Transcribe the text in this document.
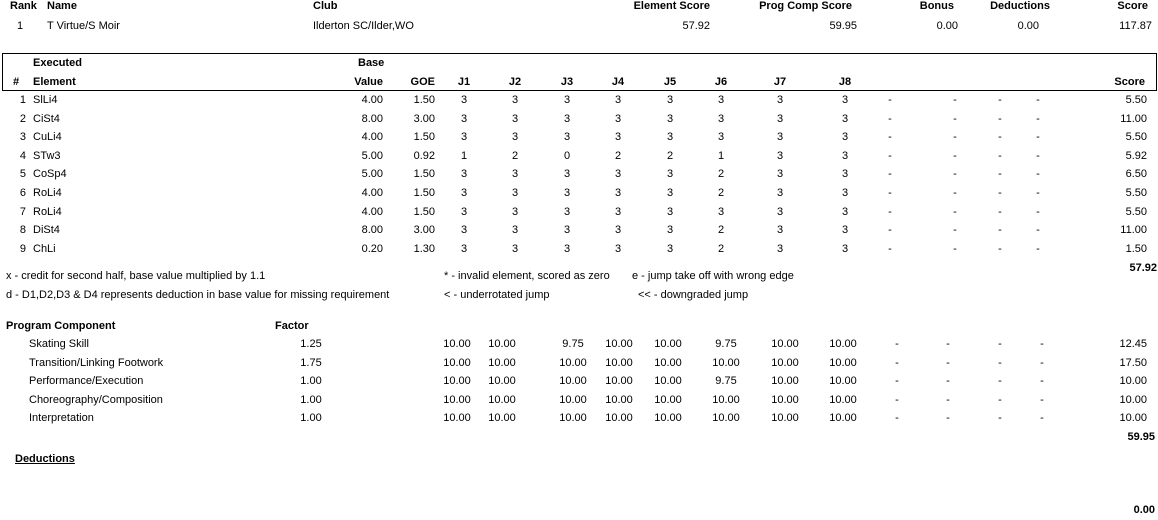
Rank Name	Club	Element Score	Prog Comp Score	Bonus	Deductions	Score
1 T Virtue/S Moir	Ilderton SC/Ilder,WO	57.92	59.95	0.00	0.00	117.87
Executed	Base
# Element	Value	GOE	J1	J2	J3	J4	J5	J6	J7	J8	Score
1 SlLi4	4.00	1.50	3	3	3	3	3	3	3	3	-	-	-	-	5.50
2 CiSt4	8.00	3.00	3	3	3	3	3	3	3	3	-	-	-	-	11.00
3 CuLi4	4.00	1.50	3	3	3	3	3	3	3	3	-	-	-	-	5.50
4 STw3	5.00	0.92	1	2	0	2	2	1	3	3	-	-	-	-	5.92
5 CoSp4	5.00	1.50	3	3	3	3	3	2	3	3	-	-	-	-	6.50
6 RoLi4	4.00	1.50	3	3	3	3	3	2	3	3	-	-	-	-	5.50
7 RoLi4	4.00	1.50	3	3	3	3	3	3	3	3	-	-	-	-	5.50
8 DiSt4	8.00	3.00	3	3	3	3	3	2	3	3	-	-	-	-	11.00
9 ChLi	0.20	1.30	3	3	3	3	3	2	3	3	-	-	-	-	1.50
57.92
x - credit for second half, base value multiplied by 1.1	* - invalid element, scored as zero e - jump take off with wrong edge
d - D1,D2,D3 & D4 represents deduction in base value for missing requirement	< - underrotated jump	<< - downgraded jump
Program Component	Factor
Skating Skill	1.25	10.00	10.00	9.75	10.00	10.00	9.75	10.00	10.00	-	-	-	-	12.45
Transition/Linking Footwork	1.75	10.00	10.00	10.00	10.00	10.00	10.00	10.00	10.00	-	-	-	-	17.50
Performance/Execution	1.00	10.00	10.00	10.00	10.00	10.00	9.75	10.00	10.00	-	-	-	-	10.00
Choreography/Composition	1.00	10.00	10.00	10.00	10.00	10.00	10.00	10.00	10.00	-	-	-	-	10.00
Interpretation	1.00	10.00	10.00	10.00	10.00	10.00	10.00	10.00	10.00	-	-	-	-	10.00
59.95
Deductions
0.00
